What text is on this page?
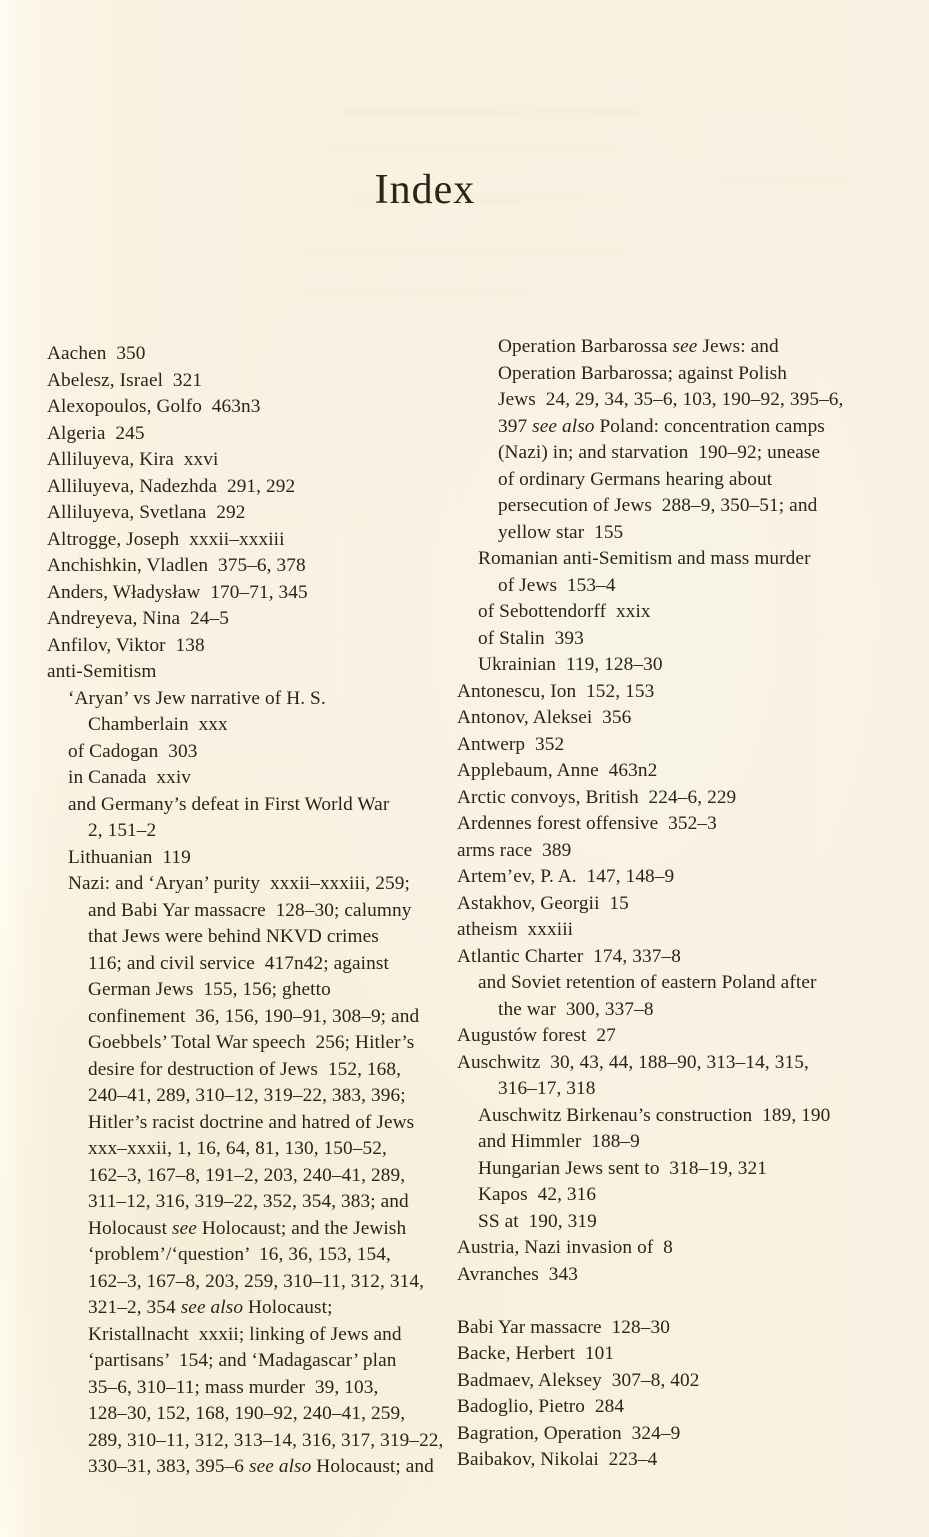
Index
Aachen  350
Abelesz, Israel  321
Alexopoulos, Golfo  463n3
Algeria  245
Alliluyeva, Kira  xxvi
Alliluyeva, Nadezhda  291, 292
Alliluyeva, Svetlana  292
Altrogge, Joseph  xxxii–xxxiii
Anchishkin, Vladlen  375–6, 378
Anders, Władysław  170–71, 345
Andreyeva, Nina  24–5
Anfilov, Viktor  138
anti-Semitism
‘Aryan’ vs Jew narrative of H. S.
Chamberlain  xxx
of Cadogan  303
in Canada  xxiv
and Germany’s defeat in First World War
2, 151–2
Lithuanian  119
Nazi: and ‘Aryan’ purity  xxxii–xxxiii, 259;
and Babi Yar massacre  128–30; calumny
that Jews were behind NKVD crimes
116; and civil service  417n42; against
German Jews  155, 156; ghetto
confinement  36, 156, 190–91, 308–9; and
Goebbels’ Total War speech  256; Hitler’s
desire for destruction of Jews  152, 168,
240–41, 289, 310–12, 319–22, 383, 396;
Hitler’s racist doctrine and hatred of Jews
xxx–xxxii, 1, 16, 64, 81, 130, 150–52,
162–3, 167–8, 191–2, 203, 240–41, 289,
311–12, 316, 319–22, 352, 354, 383; and
Holocaust see Holocaust; and the Jewish
‘problem’/‘question’  16, 36, 153, 154,
162–3, 167–8, 203, 259, 310–11, 312, 314,
321–2, 354 see also Holocaust;
Kristallnacht  xxxii; linking of Jews and
‘partisans’  154; and ‘Madagascar’ plan
35–6, 310–11; mass murder  39, 103,
128–30, 152, 168, 190–92, 240–41, 259,
289, 310–11, 312, 313–14, 316, 317, 319–22,
330–31, 383, 395–6 see also Holocaust; and
Operation Barbarossa see Jews: and
Operation Barbarossa; against Polish
Jews  24, 29, 34, 35–6, 103, 190–92, 395–6,
397 see also Poland: concentration camps
(Nazi) in; and starvation  190–92; unease
of ordinary Germans hearing about
persecution of Jews  288–9, 350–51; and
yellow star  155
Romanian anti-Semitism and mass murder
of Jews  153–4
of Sebottendorff  xxix
of Stalin  393
Ukrainian  119, 128–30
Antonescu, Ion  152, 153
Antonov, Aleksei  356
Antwerp  352
Applebaum, Anne  463n2
Arctic convoys, British  224–6, 229
Ardennes forest offensive  352–3
arms race  389
Artem’ev, P. A.  147, 148–9
Astakhov, Georgii  15
atheism  xxxiii
Atlantic Charter  174, 337–8
and Soviet retention of eastern Poland after
the war  300, 337–8
Augustów forest  27
Auschwitz  30, 43, 44, 188–90, 313–14, 315,
316–17, 318
Auschwitz Birkenau’s construction  189, 190
and Himmler  188–9
Hungarian Jews sent to  318–19, 321
Kapos  42, 316
SS at  190, 319
Austria, Nazi invasion of  8
Avranches  343
Babi Yar massacre  128–30
Backe, Herbert  101
Badmaev, Aleksey  307–8, 402
Badoglio, Pietro  284
Bagration, Operation  324–9
Baibakov, Nikolai  223–4
